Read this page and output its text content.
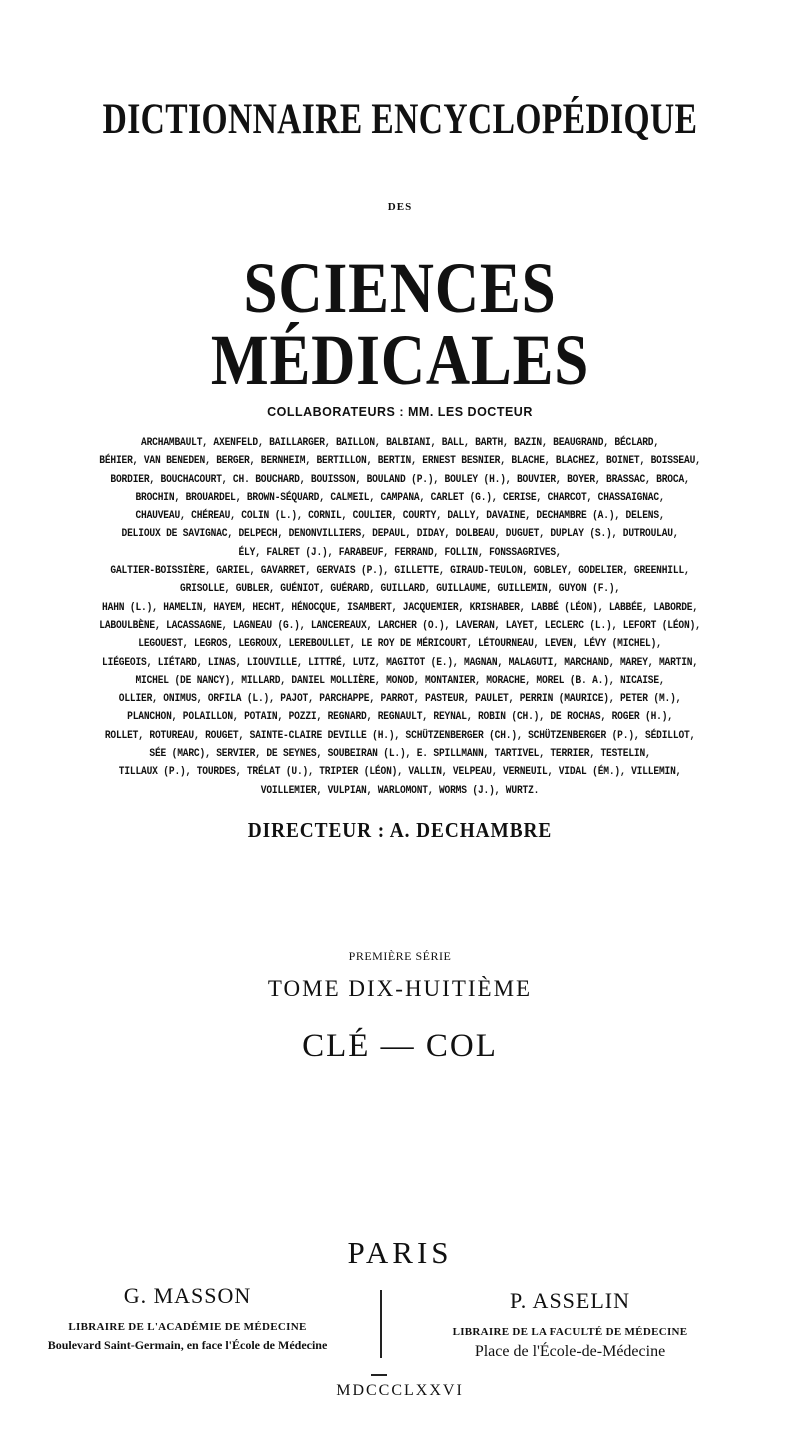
DICTIONNAIRE ENCYCLOPÉDIQUE
DES
SCIENCES MÉDICALES
COLLABORATEURS : MM. LES DOCTEUR
ARCHAMBAULT, AXENFELD, BAILLARGER, BAILLON, BALBIANI, BALL, BARTH, BAZIN, BEAUGRAND, BÉCLARD,
BÉHIER, VAN BENEDEN, BERGER, BERNHEIM, BERTILLON, BERTIN, ERNEST BESNIER, BLACHE, BLACHEZ, BOINET, BOISSEAU,
BORDIER, BOUCHACOURT, CH. BOUCHARD, BOUISSON, BOULAND (P.), BOULEY (H.), BOUVIER, BOYER, BRASSAC, BROCA,
BROCHIN, BROUARDEL, BROWN-SÉQUARD, CALMEIL, CAMPANA, CARLET (G.), CERISE, CHARCOT, CHASSAIGNAC,
CHAUVEAU, CHÉREAU, COLIN (L.), CORNIL, COULIER, COURTY, DALLY, DAVAINE, DECHAMBRE (A.), DELENS,
DELIOUX DE SAVIGNAC, DELPECH, DENONVILLIERS, DEPAUL, DIDAY, DOLBEAU, DUGUET, DUPLAY (S.), DUTROULAU,
ÉLY, FALRET (J.), FARABEUF, FERRAND, FOLLIN, FONSSAGRIVES,
GALTIER-BOISSIÈRE, GARIEL, GAVARRET, GERVAIS (P.), GILLETTE, GIRAUD-TEULON, GOBLEY, GODELIER, GREENHILL,
GRISOLLE, GUBLER, GUÉNIOT, GUÉRARD, GUILLARD, GUILLAUME, GUILLEMIN, GUYON (F.),
HAHN (L.), HAMELIN, HAYEM, HECHT, HÉNOCQUE, ISAMBERT, JACQUEMIER, KRISHABER, LABBÉ (LÉON), LABBÉE, LABORDE,
LABOULBÈNE, LACASSAGNE, LAGNEAU (G.), LANCEREAUX, LARCHER (O.), LAVERAN, LAYET, LECLERC (L.), LEFORT (LÉON),
LEGOUEST, LEGROS, LEGROUX, LEREBOULLET, LE ROY DE MÉRICOURT, LÉTOURNEAU, LEVEN, LÉVY (MICHEL),
LIÉGEOIS, LIÉTARD, LINAS, LIOUVILLE, LITTRÉ, LUTZ, MAGITOT (E.), MAGNAN, MALAGUTI, MARCHAND, MAREY, MARTIN,
MICHEL (DE NANCY), MILLARD, DANIEL MOLLIÈRE, MONOD, MONTANIER, MORACHE, MOREL (B. A.), NICAISE,
OLLIER, ONIMUS, ORFILA (L.), PAJOT, PARCHAPPE, PARROT, PASTEUR, PAULET, PERRIN (MAURICE), PETER (M.),
PLANCHON, POLAILLON, POTAIN, POZZI, REGNARD, REGNAULT, REYNAL, ROBIN (CH.), DE ROCHAS, ROGER (H.),
ROLLET, ROTUREAU, ROUGET, SAINTE-CLAIRE DEVILLE (H.), SCHÜTZENBERGER (CH.), SCHÜTZENBERGER (P.), SÉDILLOT,
SÉE (MARC), SERVIER, DE SEYNES, SOUBEIRAN (L.), E. SPILLMANN, TARTIVEL, TERRIER, TESTELIN,
TILLAUX (P.), TOURDES, TRÉLAT (U.), TRIPIER (LÉON), VALLIN, VELPEAU, VERNEUIL, VIDAL (ÉM.), VILLEMIN,
VOILLEMIER, VULPIAN, WARLOMONT, WORMS (J.), WURTZ.
DIRECTEUR : A. DECHAMBRE
PREMIÈRE SÉRIE
TOME DIX-HUITIÈME
CLÉ — COL
PARIS
G. MASSON
LIBRAIRE DE L'ACADÉMIE DE MÉDECINE
Boulevard Saint-Germain, en face l'École de Médecine
P. ASSELIN
LIBRAIRE DE LA FACULTÉ DE MÉDECINE
Place de l'École-de-Médecine
MDCCCLXXVI
